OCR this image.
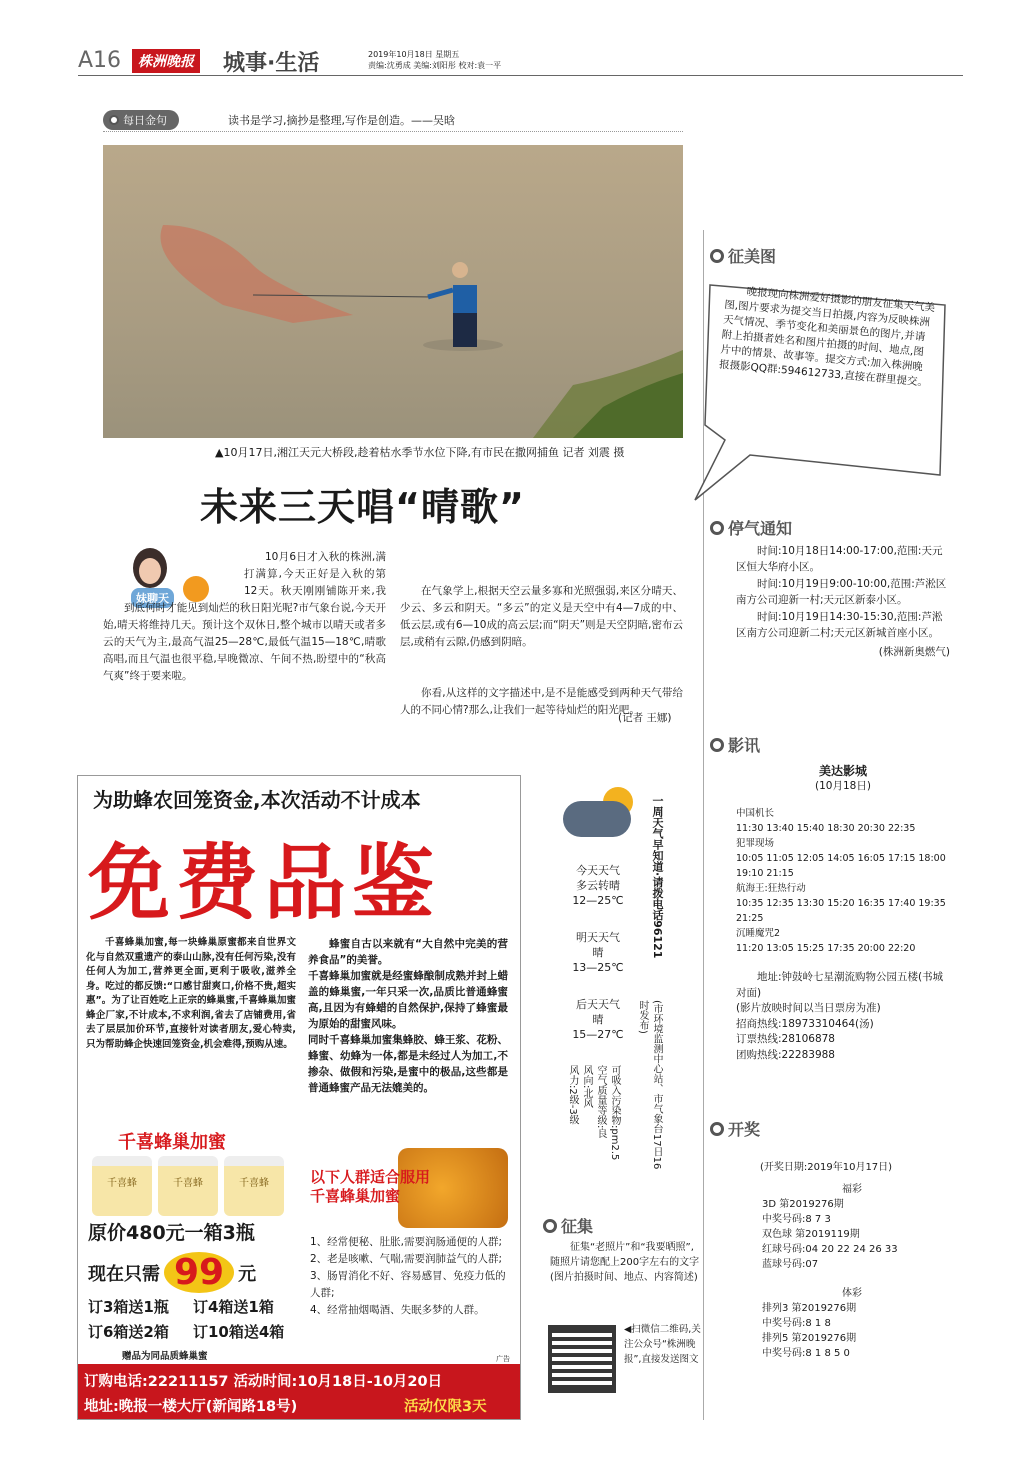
A16	株洲晚报 城事·生活	2019年10月18日 星期五
责编:沈勇成 美编:刘阳彤 校对:袁一平
每日金句	读书是学习,摘抄是整理,写作是创造。——吴晗
▲10月17日,湘江天元大桥段,趁着枯水季节水位下降,有市民在撒网捕鱼 记者 刘震 摄
未来三天唱“晴歌”
妹聊天
10月6日才入秋的株洲,满打满算,今天正好是入秋的第12天。秋天刚刚铺陈开来,我
到底何时才能见到灿烂的秋日阳光呢?市气象台说,今天开始,晴天将维持几天。预计这个双休日,整个城市以晴天或者多云的天气为主,最高气温25—28℃,最低气温15—18℃,晴歌高唱,而且气温也很平稳,早晚微凉、午间不热,盼望中的“秋高气爽”终于要来啦。

在气象学上,根据天空云量多寡和光照强弱,来区分晴天、少云、多云和阴天。“多云”的定义是天空中有4—7成的中、低云层,或有6—10成的高云层;而“阴天”则是天空阴暗,密布云层,或稍有云隙,仍感到阴暗。

你看,从这样的文字描述中,是不是能感受到两种天气带给人的不同心情?那么,让我们一起等待灿烂的阳光吧。

(记者 王娜)
为助蜂农回笼资金,本次活动不计成本
免费品鉴
千喜蜂巢加蜜,每一块蜂巢原蜜都来自世界文化与自然双重遗产的泰山山脉,没有任何污染,没有任何人为加工,营养更全面,更利于吸收,滋养全身。吃过的都反馈:“口感甘甜爽口,价格不贵,超实惠”。为了让百姓吃上正宗的蜂巢蜜,千喜蜂巢加蜜蜂企厂家,不计成本,不求利润,省去了店铺费用,省去了层层加价环节,直接针对读者朋友,爱心特卖,只为帮助蜂企快速回笼资金,机会难得,预购从速。
蜂蜜自古以来就有“大自然中完美的营养食品”的美誉。
千喜蜂巢加蜜就是经蜜蜂酿制成熟并封上蜡盖的蜂巢蜜,一年只采一次,品质比普通蜂蜜高,且因为有蜂蜡的自然保护,保持了蜂蜜最为原始的甜蜜风味。
同时千喜蜂巢加蜜集蜂胶、蜂王浆、花粉、蜂蜜、幼蜂为一体,都是未经过人为加工,不掺杂、做假和污染,是蜜中的极品,这些都是普通蜂蜜产品无法媲美的。
千喜蜂巢加蜜
千喜蜂	千喜蜂	千喜蜂
原价480元一箱3瓶
现在只需 99 元
订3箱送1瓶	订4箱送1箱
订6箱送2箱	订10箱送4箱
赠品为同品质蜂巢蜜
以下人群适合服用
千喜蜂巢加蜜
1、经常便秘、肚胀,需要润肠通便的人群;
2、老是咳嗽、气喘,需要润肺益气的人群;
3、肠胃消化不好、容易感冒、免疫力低的人群;
4、经常抽烟喝酒、失眠多梦的人群。
广告
订购电话:22211157 活动时间:10月18日-10月20日
地址:晚报一楼大厅(新闻路18号)	活动仅限3天
今天天气
多云转晴
12—25℃
明天天气
晴
13—25℃
后天天气
晴
15—27℃
一周天气早知道·请拨电话96121
(市环境监测中心站、市气象台17日16时发布)
可吸入污染物:pm2.5
空气质量等级:良
风向:北风
风力:2级-3级
征集
征集“老照片”和“我要晒照”,随照片请您配上200字左右的文字(图片拍摄时间、地点、内容简述)
◀扫微信二维码,关注公众号“株洲晚报”,直接发送图文
征美图
晚报现向株洲爱好摄影的朋友征集天气美图,图片要求为提交当日拍摄,内容为反映株洲天气情况、季节变化和美丽景色的图片,并请附上拍摄者姓名和图片拍摄的时间、地点,图片中的情景、故事等。提交方式:加入株洲晚报摄影QQ群:594612733,直接在群里提交。
停气通知
时间:10月18日14:00-17:00,范围:天元区恒大华府小区。
时间:10月19日9:00-10:00,范围:芦淞区南方公司迎新一村;天元区新泰小区。
时间:10月19日14:30-15:30,范围:芦淞区南方公司迎新二村;天元区新城首座小区。
(株洲新奥燃气)
影讯
美达影城
(10月18日)
中国机长
11:30 13:40 15:40 18:30 20:30 22:35
犯罪现场
10:05 11:05 12:05 14:05 16:05 17:15 18:00 19:10 21:15
航海王:狂热行动
10:35 12:35 13:30 15:20 16:35 17:40 19:35 21:25
沉睡魔咒2
11:20 13:05 15:25 17:35 20:00 22:20
地址:钟鼓岭七星潮流购物公园五楼(书城对面)
(影片放映时间以当日票房为准)
招商热线:18973310464(汤)
订票热线:28106878
团购热线:22283988
开奖
(开奖日期:2019年10月17日)
福彩
3D 第2019276期
中奖号码:8 7 3
双色球 第2019119期
红球号码:04 20 22 24 26 33
蓝球号码:07
体彩
排列3 第2019276期
中奖号码:8 1 8
排列5 第2019276期
中奖号码:8 1 8 5 0
